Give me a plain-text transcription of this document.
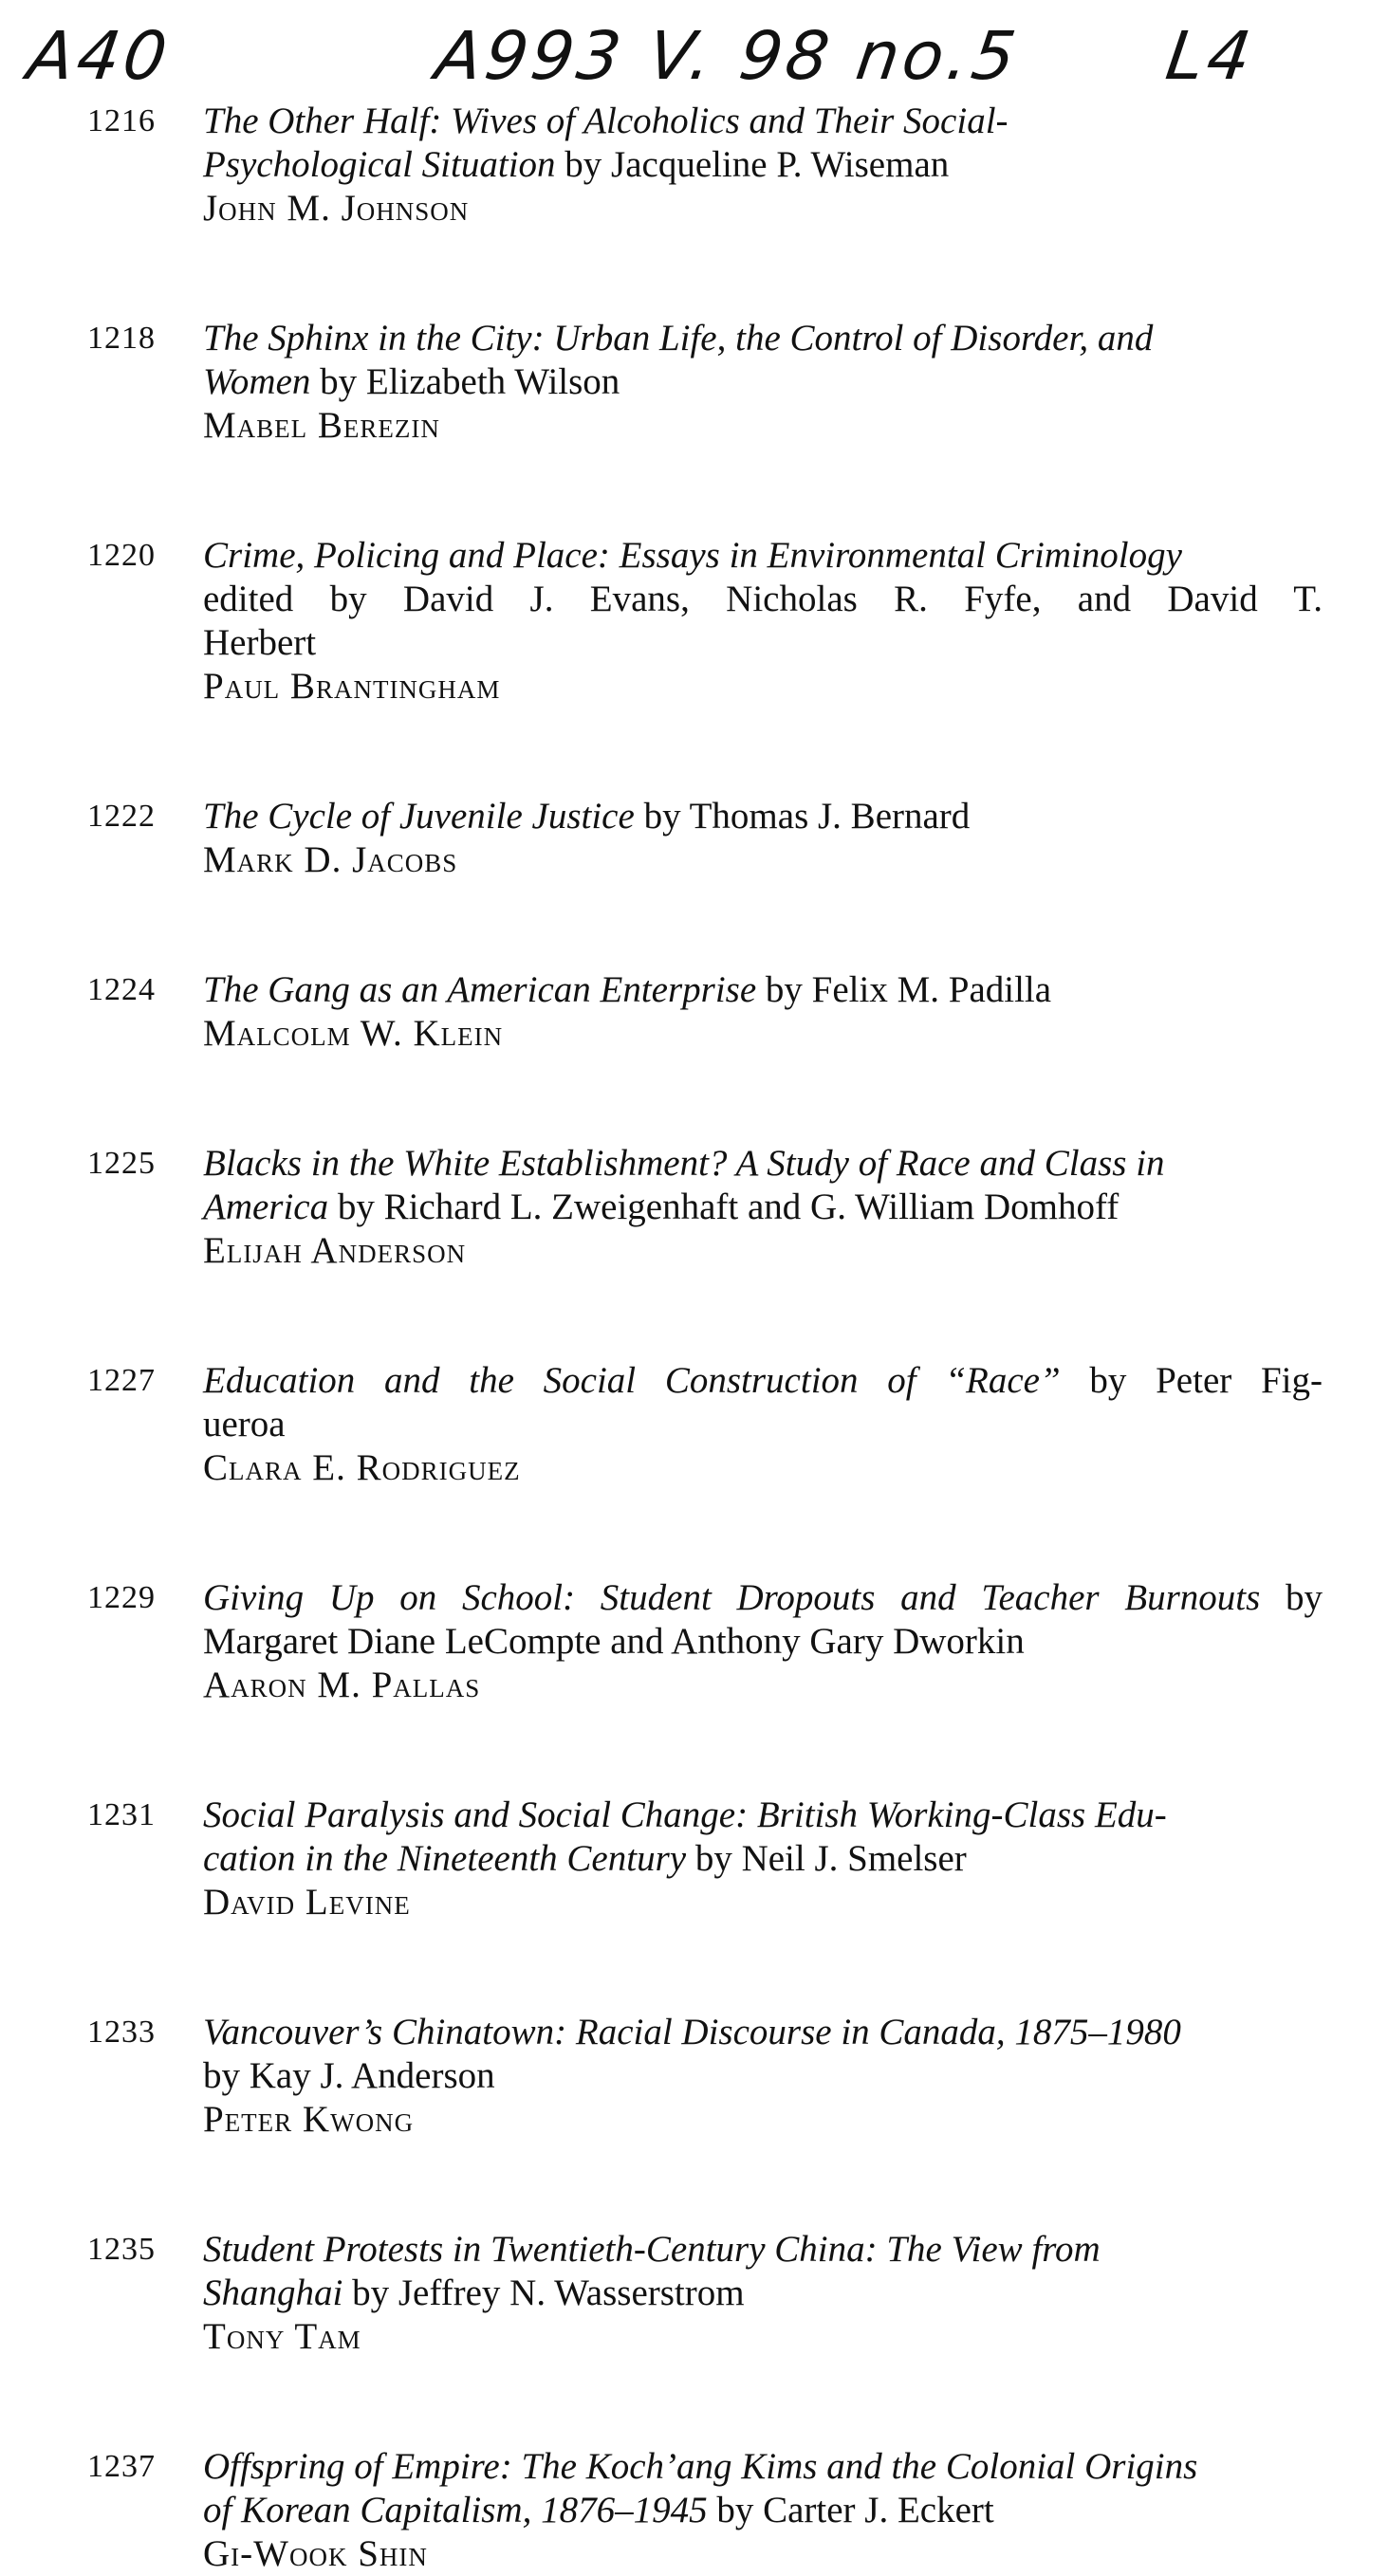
A40	A993 V. 98 no.5 L4
1216	The Other Half: Wives of Alcoholics and Their Social-
Psychological Situation by Jacqueline P. Wiseman
John M. Johnson
1218	The Sphinx in the City: Urban Life, the Control of Disorder, and
Women by Elizabeth Wilson
Mabel Berezin
1220	Crime, Policing and Place: Essays in Environmental Criminology
edited by David J. Evans, Nicholas R. Fyfe, and David T.
Herbert
Paul Brantingham
1222	The Cycle of Juvenile Justice by Thomas J. Bernard
Mark D. Jacobs
1224	The Gang as an American Enterprise by Felix M. Padilla
Malcolm W. Klein
1225	Blacks in the White Establishment? A Study of Race and Class in
America by Richard L. Zweigenhaft and G. William Domhoff
Elijah Anderson
1227	Education and the Social Construction of “Race” by Peter Fig-
ueroa
Clara E. Rodriguez
1229	Giving Up on School: Student Dropouts and Teacher Burnouts by
Margaret Diane LeCompte and Anthony Gary Dworkin
Aaron M. Pallas
1231	Social Paralysis and Social Change: British Working-Class Edu-
cation in the Nineteenth Century by Neil J. Smelser
David Levine
1233	Vancouver’s Chinatown: Racial Discourse in Canada, 1875–1980
by Kay J. Anderson
Peter Kwong
1235	Student Protests in Twentieth-Century China: The View from
Shanghai by Jeffrey N. Wasserstrom
Tony Tam
1237	Offspring of Empire: The Koch’ang Kims and the Colonial Origins
of Korean Capitalism, 1876–1945 by Carter J. Eckert
Gi-Wook Shin
